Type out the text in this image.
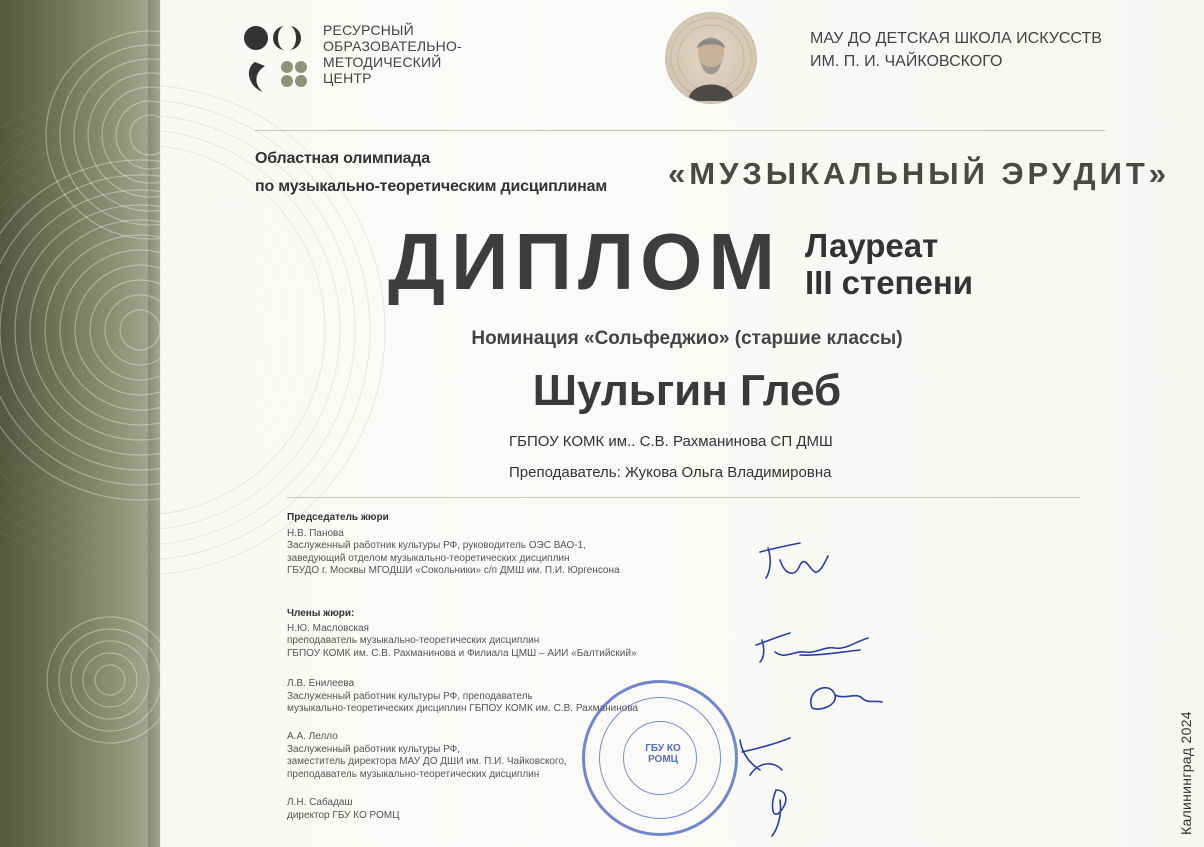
РЕСУРСНЫЙ
ОБРАЗОВАТЕЛЬНО-
МЕТОДИЧЕСКИЙ
ЦЕНТР
МАУ ДО ДЕТСКАЯ ШКОЛА ИСКУССТВ
ИМ. П. И. ЧАЙКОВСКОГО
Областная олимпиада
по музыкально-теоретическим дисциплинам «МУЗЫКАЛЬНЫЙ ЭРУДИТ»
ДИПЛОМ Лауреат
III степени
Номинация «Сольфеджио» (старшие классы)
Шульгин Глеб
ГБПОУ КОМК им.. С.В. Рахманинова СП ДМШ
Преподаватель: Жукова Ольга Владимировна
Председатель жюри
Н.В. Панова
Заслуженный работник культуры РФ, руководитель ОЭС ВАО-1,
заведующий отделом музыкально-теоретических дисциплин
ГБУДО г. Москвы МГОДШИ «Сокольники» с/п ДМШ им. П.И. Юргенсона
Члены жюри:
Н.Ю. Масловская
преподаватель музыкально-теоретических дисциплин
ГБПОУ КОМК им. С.В. Рахманинова и Филиала ЦМШ – АИИ «Балтийский»
Л.В. Енилеева
Заслуженный работник культуры РФ, преподаватель
музыкально-теоретических дисциплин ГБПОУ КОМК им. С.В. Рахманинова
А.А. Лелло
Заслуженный работник культуры РФ,
заместитель директора МАУ ДО ДШИ им. П.И. Чайковского,
преподаватель музыкально-теоретических дисциплин
Л.Н. Сабадаш
директор ГБУ КО РОМЦ
ГБУ КО РОМЦ	Калининград 2024
